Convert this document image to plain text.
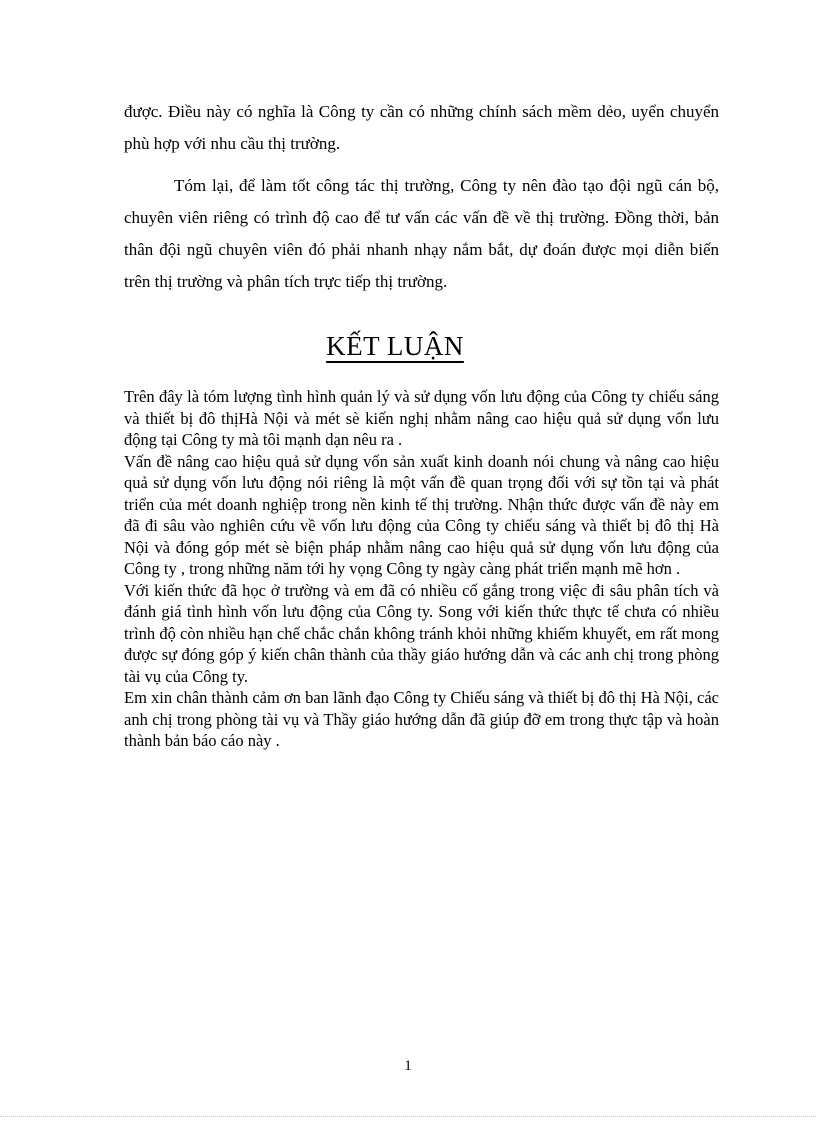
được. Điều này có nghĩa là Công ty cần có những chính sách mềm dẻo, uyển chuyển phù hợp với nhu cầu thị trường.

Tóm lại, để làm tốt công tác thị trường, Công ty nên đào tạo đội ngũ cán bộ, chuyên viên riêng có trình độ cao để tư vấn các vấn đề về thị trường. Đồng thời, bản thân đội ngũ chuyên viên đó phải nhanh nhạy nắm bắt, dự đoán được mọi diễn biến trên thị trường và phân tích trực tiếp thị trường.

KẾT LUẬN

Trên đây là tóm lượng tình hình quản lý và sử dụng vốn lưu động của Công ty chiếu sáng và thiết bị đô thịHà Nội và mét sè kiến nghị nhằm nâng cao hiệu quả sử dụng vốn lưu động tại Công ty mà tôi mạnh dạn nêu ra .

Vấn đề nâng cao hiệu quả sử dụng vốn sản xuất kinh doanh nói chung và nâng cao hiệu quả sử dụng vốn lưu động nói riêng là một vấn đề quan trọng đối với sự tồn tại và phát triển của mét doanh nghiệp trong nền kinh tế thị trường. Nhận thức được vấn đề này em đã đi sâu vào nghiên cứu về vốn lưu động của Công ty chiếu sáng và thiết bị đô thị Hà Nội và đóng góp mét sè biện pháp nhằm nâng cao hiệu quả sử dụng vốn lưu động của Công ty , trong những năm tới hy vọng Công ty ngày càng phát triển mạnh mẽ hơn .

Với kiến thức đã học ở trường và em đã có nhiều cố gắng trong việc đi sâu phân tích và đánh giá tình hình vốn lưu động của Công ty. Song với kiến thức thực tế chưa có nhiều trình độ còn nhiều hạn chế chắc chắn không tránh khỏi những khiếm khuyết, em rất mong được sự đóng góp ý kiến chân thành của thầy giáo hướng dẫn và các anh chị trong phòng tài vụ của Công ty.

Em xin chân thành cảm ơn ban lãnh đạo Công ty Chiếu sáng và thiết bị đô thị Hà Nội, các anh chị trong phòng tài vụ và Thầy giáo hướng dẫn đã giúp đỡ em trong thực tập và hoàn thành bản báo cáo này .

1
